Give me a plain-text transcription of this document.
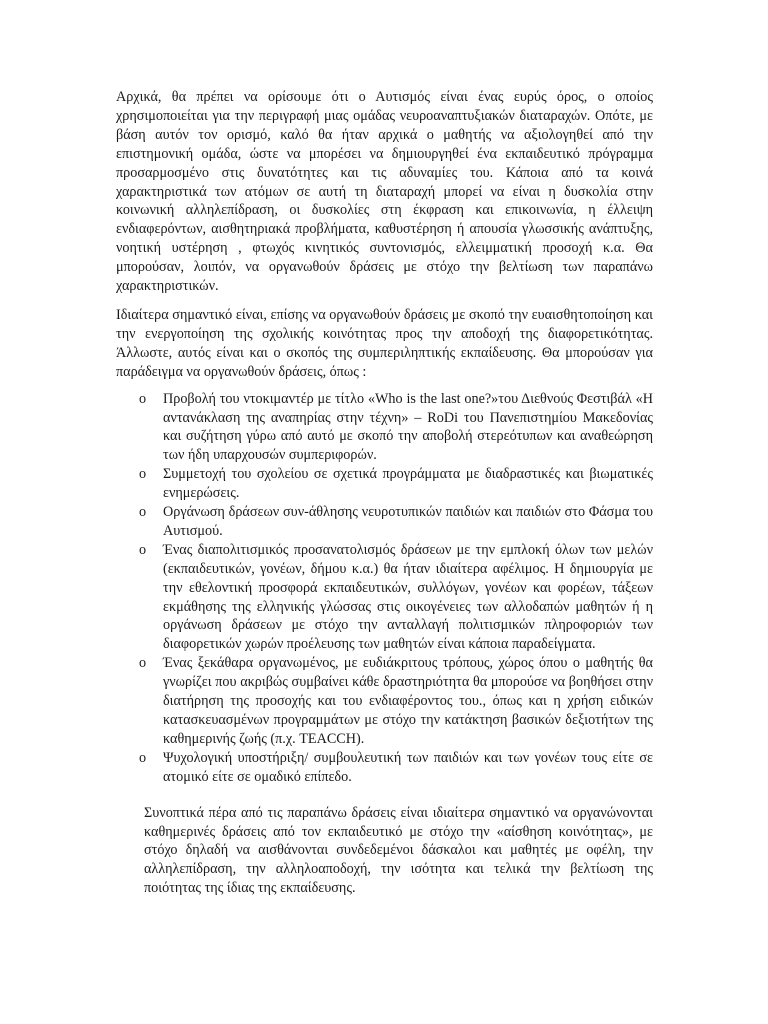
Αρχικά, θα πρέπει να ορίσουμε ότι ο Αυτισμός είναι ένας ευρύς όρος, ο οποίος χρησιμοποιείται για την περιγραφή μιας ομάδας νευροαναπτυξιακών διαταραχών. Οπότε, με βάση αυτόν τον ορισμό, καλό θα ήταν αρχικά ο μαθητής να αξιολογηθεί από την επιστημονική ομάδα, ώστε να μπορέσει να δημιουργηθεί ένα εκπαιδευτικό πρόγραμμα προσαρμοσμένο στις δυνατότητες και τις αδυναμίες του. Κάποια από τα κοινά χαρακτηριστικά των ατόμων σε αυτή τη διαταραχή μπορεί να είναι η δυσκολία στην κοινωνική αλληλεπίδραση, οι δυσκολίες στη έκφραση και επικοινωνία, η έλλειψη ενδιαφερόντων, αισθητηριακά προβλήματα, καθυστέρηση ή απουσία γλωσσικής ανάπτυξης, νοητική υστέρηση , φτωχός κινητικός συντονισμός, ελλειμματική προσοχή κ.α. Θα μπορούσαν, λοιπόν, να οργανωθούν δράσεις με στόχο την βελτίωση των παραπάνω χαρακτηριστικών.

Ιδιαίτερα σημαντικό είναι, επίσης να οργανωθούν δράσεις με σκοπό την ευαισθητοποίηση και την ενεργοποίηση της σχολικής κοινότητας προς την αποδοχή της διαφορετικότητας. Άλλωστε, αυτός είναι και ο σκοπός της συμπεριληπτικής εκπαίδευσης. Θα μπορούσαν για παράδειγμα να οργανωθούν δράσεις, όπως :

o Προβολή του ντοκιμαντέρ με τίτλο «Who is the last one?»του Διεθνούς Φεστιβάλ «Η αντανάκλαση της αναπηρίας στην τέχνη» – RoDi του Πανεπιστημίου Μακεδονίας και συζήτηση γύρω από αυτό με σκοπό την αποβολή στερεότυπων και αναθεώρηση των ήδη υπαρχουσών συμπεριφορών.
o Συμμετοχή του σχολείου σε σχετικά προγράμματα με διαδραστικές και βιωματικές ενημερώσεις.
o Οργάνωση δράσεων συν-άθλησης νευροτυπικών παιδιών και παιδιών στο Φάσμα του Αυτισμού.
o Ένας διαπολιτισμικός προσανατολισμός δράσεων με την εμπλοκή όλων των μελών (εκπαιδευτικών, γονέων, δήμου κ.α.) θα ήταν ιδιαίτερα αφέλιμος. Η δημιουργία με την εθελοντική προσφορά εκπαιδευτικών, συλλόγων, γονέων και φορέων, τάξεων εκμάθησης της ελληνικής γλώσσας στις οικογένειες των αλλοδαπών μαθητών ή η οργάνωση δράσεων με στόχο την ανταλλαγή πολιτισμικών πληροφοριών των διαφορετικών χωρών προέλευσης των μαθητών είναι κάποια παραδείγματα.
o Ένας ξεκάθαρα οργανωμένος, με ευδιάκριτους τρόπους, χώρος όπου ο μαθητής θα γνωρίζει που ακριβώς συμβαίνει κάθε δραστηριότητα θα μπορούσε να βοηθήσει στην διατήρηση της προσοχής και του ενδιαφέροντος του., όπως και η χρήση ειδικών κατασκευασμένων προγραμμάτων με στόχο την κατάκτηση βασικών δεξιοτήτων της καθημερινής ζωής (π.χ. TEACCH).
o Ψυχολογική υποστήριξη/ συμβουλευτική των παιδιών και των γονέων τους είτε σε ατομικό είτε σε ομαδικό επίπεδο.

Συνοπτικά πέρα από τις παραπάνω δράσεις είναι ιδιαίτερα σημαντικό να οργανώνονται καθημερινές δράσεις από τον εκπαιδευτικό με στόχο την «αίσθηση κοινότητας», με στόχο δηλαδή να αισθάνονται συνδεδεμένοι δάσκαλοι και μαθητές με οφέλη, την αλληλεπίδραση, την αλληλοαποδοχή, την ισότητα και τελικά την βελτίωση της ποιότητας της ίδιας της εκπαίδευσης.
